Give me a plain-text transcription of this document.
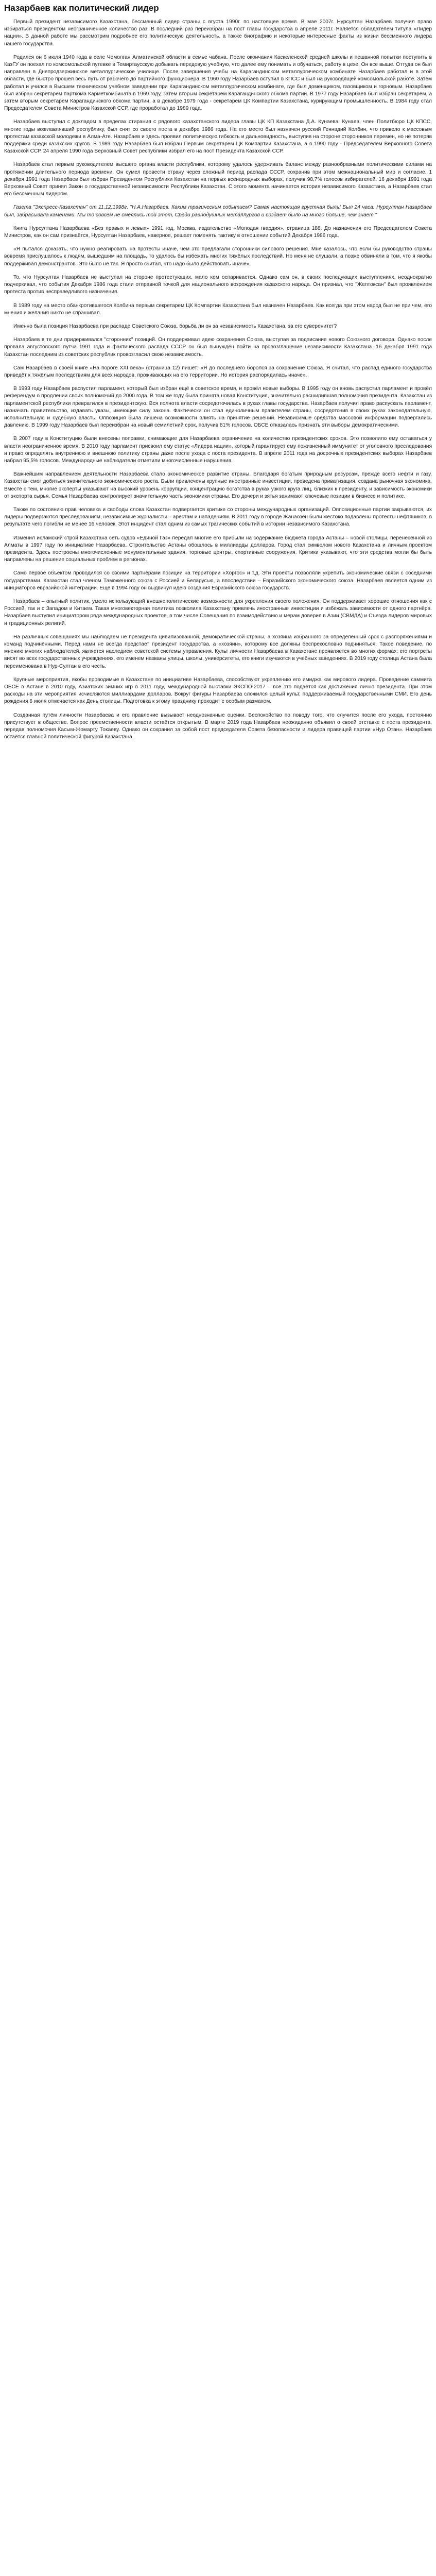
Назарбаев как политический лидер

Первый президент независимого Казахстана, бессменный лидер страны с вгуста 1990г. по настоящее время. В мае 2007г. Нурсултан Назарбаев получил право избираться президентом неограниченное количество раз. В последний раз переизбран на пост главы государства в апреле 2011г. Является обладателем титула «Лидер нации». В данной работе мы рассмотрим подробнее его политическую деятельность, а также биографию и некоторые интересные факты из жизни бессменного лидера нашего государства.

Родился он 6 июля 1940 года в селе Чемолган Алматинской области в семье чабана. После окончания Каскеленской средней школы и пешанной попытки поступить в КазГУ он поехал по комсомольской путевке в Темиртаусскую добывать передовую учебную, что далее ему понимать и обучаться, работу в цехе. Он все выше. Оттуда он был направлен в Днепродзержинское металлургическое училище. После завершения учебы на Карагандинском металлургическом комбинате Назарбаев работал и в этой области, где быстро прошел весь путь от рабочего до партийного функционера. В 1960 году Назарбаев вступил в КПСС и был на руководящей комсомольской работе. Затем работал и учился в Высшем техническом учебном заведении при Карагандинском металлургическом комбинате, где был доменщиком, газовщиком и горновым. Назарбаев был избран секретарем парткома Карметкомбината в 1969 году, затем вторым секретарем Карагандинского обкома партии. В 1977 году Назарбаев был избран секретарем, а затем вторым секретарем Карагандинского обкома партии, а в декабре 1979 года - секретарем ЦК Компартии Казахстана, курирующим промышленность. В 1984 году стал Председателем Совета Министров Казахской ССР, где проработал до 1989 года.

Назарбаев выступил с докладом в пределах стирания с рядового казахстанского лидера главы ЦК КП Казахстана Д.А. Кунаева. Кунаев, член Политбюро ЦК КПСС, многие годы возглавлявший республику, был снят со своего поста в декабре 1986 года. На его место был назначен русский Геннадий Колбин, что привело к массовым протестам казахской молодежи в Алма-Ате. Назарбаев и здесь проявил политическую гибкость и дальновидность, выступив на стороне сторонников перемен, но не потеряв поддержки среди казахских кругов. В 1989 году Назарбаев был избран Первым секретарем ЦК Компартии Казахстана, а в 1990 году - Председателем Верховного Совета Казахской ССР. 24 апреля 1990 года Верховный Совет республики избрал его на пост Президента Казахской ССР.

Назарбаев стал первым руководителем высшего органа власти республики, которому удалось удерживать баланс между разнообразными политическими силами на протяжении длительного периода времени. Он сумел провести страну через сложный период распада СССР, сохранив при этом межнациональный мир и согласие. 1 декабря 1991 года Назарбаев был избран Президентом Республики Казахстан на первых всенародных выборах, получив 98,7% голосов избирателей. 16 декабря 1991 года Верховный Совет принял Закон о государственной независимости Республики Казахстан. С этого момента начинается история независимого Казахстана, а Назарбаев стал его бессменным лидером.

Газета "Экспресс-Казахстан" от 11.12.1998г. "Н.А.Назарбаев. Каким трагическим событием? Самая настоящая грустная быль! Был 24 часа. Нурсултан Назарбаев был, забрасывала каменами. Мы то совсем не смеялись той этот, Среди равнодушных металлургов и создает было на много больше, чем знает."

Книга Нурсултана Назарбаева «Без правых и левых» 1991 год, Москва, издательство «Молодая гвардия», страница 188. До назначения его Председателем Совета Министров, как он сам признаётся, Нурсултан Назарбаев, наверное, решает поменять тактику в отношении событий Декабря 1986 года.

«Я пытался доказать, что нужно реагировать на протесты иначе, чем это предлагали сторонники силового решения. Мне казалось, что если бы руководство страны вовремя прислушалось к людям, вышедшим на площадь, то удалось бы избежать многих тяжёлых последствий. Но меня не слушали, а позже обвиняли в том, что я якобы поддерживал демонстрантов. Это было не так. Я просто считал, что надо было действовать иначе».

То, что Нурсултан Назарбаев не выступал на стороне протестующих, мало кем оспаривается. Однако сам он, в своих последующих выступлениях, неоднократно подчеркивал, что события Декабря 1986 года стали отправной точкой для национального возрождения казахского народа. Он признал, что "Желтоксан" был проявлением протеста против несправедливого назначения.

В 1989 году на место обанкротившегося Колбина первым секретарем ЦК Компартии Казахстана был назначен Назарбаев. Как всегда при этом народ был не при чем, его мнения и желания никто не спрашивал.

Именно была позиция Назарбаева при распаде Советского Союза, борьба ли он за независимость Казахстана, за его суверенитет?

Назарбаев в те дни придерживался "сторонних" позиций. Он поддерживал идею сохранения Союза, выступая за подписание нового Союзного договора. Однако после провала августовского путча 1991 года и фактического распада СССР он был вынужден пойти на провозглашение независимости Казахстана. 16 декабря 1991 года Казахстан последним из советских республик провозгласил свою независимость.

Сам Назарбаев в своей книге «На пороге XXI века» (страница 12) пишет: «Я до последнего боролся за сохранение Союза. Я считал, что распад единого государства приведёт к тяжёлым последствиям для всех народов, проживающих на его территории. Но история распорядилась иначе».

В 1993 году Назарбаев распустил парламент, который был избран ещё в советское время, и провёл новые выборы. В 1995 году он вновь распустил парламент и провёл референдум о продлении своих полномочий до 2000 года. В том же году была принята новая Конституция, значительно расширившая полномочия президента. Казахстан из парламентской республики превратился в президентскую. Вся полнота власти сосредоточилась в руках главы государства. Назарбаев получил право распускать парламент, назначать правительство, издавать указы, имеющие силу закона. Фактически он стал единоличным правителем страны, сосредоточив в своих руках законодательную, исполнительную и судебную власть. Оппозиция была лишена возможности влиять на принятие решений. Независимые средства массовой информации подвергались давлению. В 1999 году Назарбаев был переизбран на новый семилетний срок, получив 81% голосов. ОБСЕ отказалась признать эти выборы демократическими.

В 2007 году в Конституцию были внесены поправки, снимающие для Назарбаева ограничение на количество президентских сроков. Это позволило ему оставаться у власти неограниченное время. В 2010 году парламент присвоил ему статус «Лидера нации», который гарантирует ему пожизненный иммунитет от уголовного преследования и право определять внутреннюю и внешнюю политику страны даже после ухода с поста президента. В апреле 2011 года на досрочных президентских выборах Назарбаев набрал 95,5% голосов. Международные наблюдатели отметили многочисленные нарушения.

Важнейшим направлением деятельности Назарбаева стало экономическое развитие страны. Благодаря богатым природным ресурсам, прежде всего нефти и газу, Казахстан смог добиться значительного экономического роста. Были привлечены крупные иностранные инвестиции, проведена приватизация, создана рыночная экономика. Вместе с тем, многие эксперты указывают на высокий уровень коррупции, концентрацию богатства в руках узкого круга лиц, близких к президенту, и зависимость экономики от экспорта сырья. Семья Назарбаева контролирует значительную часть экономики страны. Его дочери и зятья занимают ключевые позиции в бизнесе и политике.

Также по состоянию прав человека и свободы слова Казахстан подвергается критике со стороны международных организаций. Оппозиционные партии закрываются, их лидеры подвергаются преследованиям, независимые журналисты – арестам и нападениям. В 2011 году в городе Жанаозен были жестоко подавлены протесты нефтяников, в результате чего погибли не менее 16 человек. Этот инцидент стал одним из самых трагических событий в истории независимого Казахстана.

Изменил исламский строй Казахстана сеть судов «Единой Газ» передал многие его прибыли на содержание бюджета города Астаны – новой столицы, перенесённой из Алматы в 1997 году по инициативе Назарбаева. Строительство Астаны обошлось в миллиарды долларов. Город стал символом нового Казахстана и личным проектом президента. Здесь построены многочисленные монументальные здания, торговые центры, спортивные сооружения. Критики указывают, что эти средства могли бы быть направлены на решение социальных проблем в регионах.

Само первое объектом проводился со своими партнёрами позиции на территории «Хоргос» и т.д. Эти проекты позволяли укрепить экономические связи с соседними государствами. Казахстан стал членом Таможенного союза с Россией и Беларусью, а впоследствии – Евразийского экономического союза. Назарбаев является одним из инициаторов евразийской интеграции. Ещё в 1994 году он выдвинул идею создания Евразийского союза государств.

Назарбаев – опытный политик, умело использующий внешнеполитические возможности для укрепления своего положения. Он поддерживает хорошие отношения как с Россией, так и с Западом и Китаем. Такая многовекторная политика позволила Казахстану привлечь иностранные инвестиции и избежать зависимости от одного партнёра. Назарбаев выступил инициатором ряда международных проектов, в том числе Совещания по взаимодействию и мерам доверия в Азии (СВМДА) и Съезда лидеров мировых и традиционных религий.

На различных совещаниях мы наблюдаем не президента цивилизованной, демократической страны, а хозяина избранного за определённый срок с распоряжениями и команд подчинёнными. Перед нами не всегда предстает президент государства, а «хозяин», которому все должны беспрекословно подчиняться. Такое поведение, по мнению многих наблюдателей, является наследием советской системы управления. Культ личности Назарбаева в Казахстане проявляется во многих формах: его портреты висят во всех государственных учреждениях, его именем названы улицы, школы, университеты, его книги изучаются в учебных заведениях. В 2019 году столица Астана была переименована в Нур-Султан в его честь.

Крупные мероприятия, якобы проводимые в Казахстане по инициативе Назарбаева, способствуют укреплению его имиджа как мирового лидера. Проведение саммита ОБСЕ в Астане в 2010 году, Азиатских зимних игр в 2011 году, международной выставки ЭКСПО-2017 – все это подаётся как достижения лично президента. При этом расходы на эти мероприятия исчисляются миллиардами долларов. Вокруг фигуры Назарбаева сложился целый культ, поддерживаемый государственными СМИ. Его день рождения 6 июля отмечается как День столицы. Подготовка к этому празднику проходит с особым размахом.

Созданная путём личности Назарбаева и его правление вызывает неоднозначные оценки. Беспокойство по поводу того, что случится после его ухода, постоянно присутствует в обществе. Вопрос преемственности власти остаётся открытым. В марте 2019 года Назарбаев неожиданно объявил о своей отставке с поста президента, передав полномочия Касым-Жомарту Токаеву. Однако он сохранил за собой пост председателя Совета безопасности и лидера правящей партии «Нур Отан». Назарбаев остаётся главной политической фигурой Казахстана.
